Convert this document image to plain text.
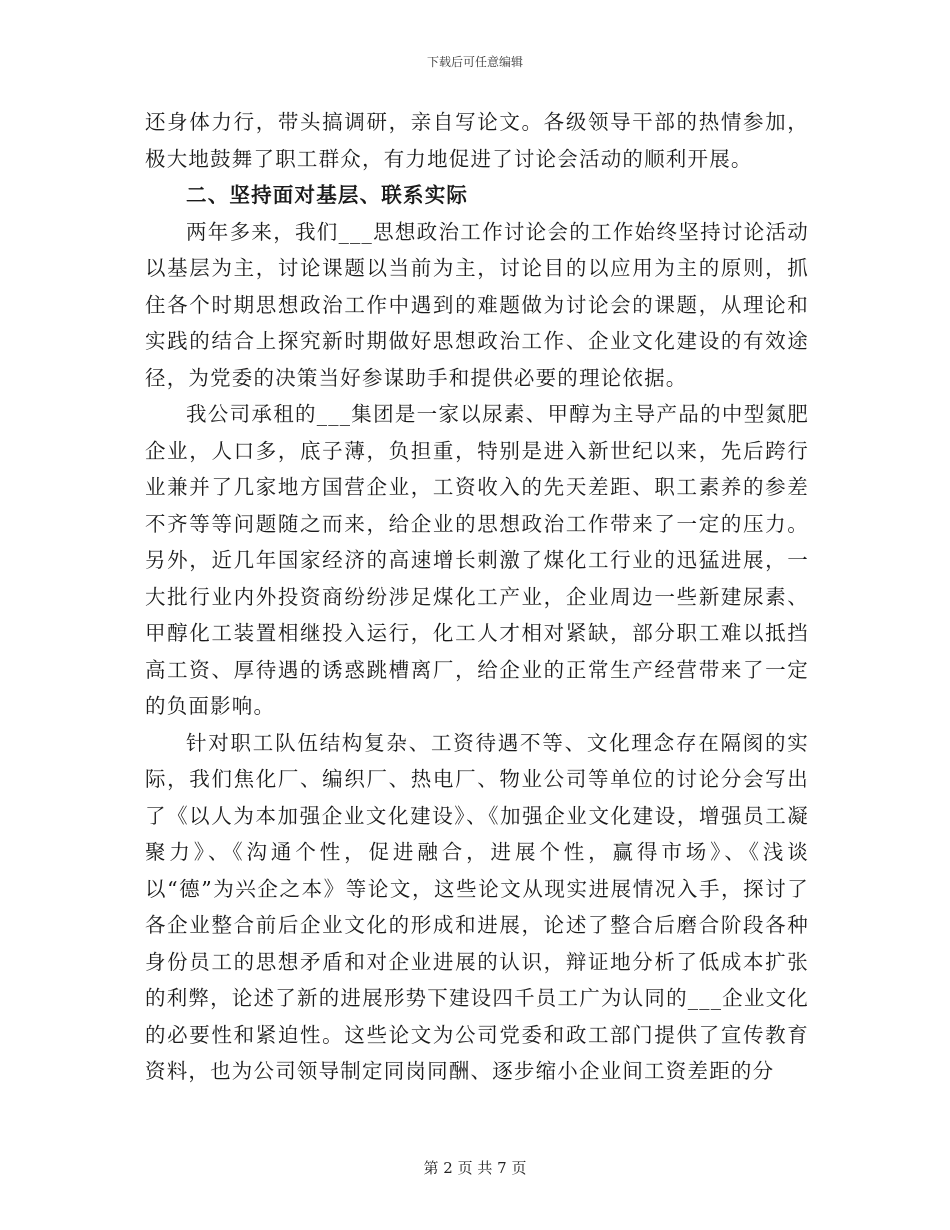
下载后可任意编辑

还身体力行，带头搞调研，亲自写论文。各级领导干部的热情参加，极大地鼓舞了职工群众，有力地促进了讨论会活动的顺利开展。

二、坚持面对基层、联系实际

两年多来，我们___思想政治工作讨论会的工作始终坚持讨论活动以基层为主，讨论课题以当前为主，讨论目的以应用为主的原则，抓住各个时期思想政治工作中遇到的难题做为讨论会的课题，从理论和实践的结合上探究新时期做好思想政治工作、企业文化建设的有效途径，为党委的决策当好参谋助手和提供必要的理论依据。

我公司承租的___集团是一家以尿素、甲醇为主导产品的中型氮肥企业，人口多，底子薄，负担重，特别是进入新世纪以来，先后跨行业兼并了几家地方国营企业，工资收入的先天差距、职工素养的参差不齐等等问题随之而来，给企业的思想政治工作带来了一定的压力。另外，近几年国家经济的高速增长刺激了煤化工行业的迅猛进展，一大批行业内外投资商纷纷涉足煤化工产业，企业周边一些新建尿素、甲醇化工装置相继投入运行，化工人才相对紧缺，部分职工难以抵挡高工资、厚待遇的诱惑跳槽离厂，给企业的正常生产经营带来了一定的负面影响。

针对职工队伍结构复杂、工资待遇不等、文化理念存在隔阂的实际，我们焦化厂、编织厂、热电厂、物业公司等单位的讨论分会写出了《以人为本加强企业文化建设》、《加强企业文化建设，增强员工凝聚力》、《沟通个性，促进融合，进展个性，赢得市场》、《浅谈以“德”为兴企之本》等论文，这些论文从现实进展情况入手，探讨了各企业整合前后企业文化的形成和进展，论述了整合后磨合阶段各种身份员工的思想矛盾和对企业进展的认识，辩证地分析了低成本扩张的利弊，论述了新的进展形势下建设四千员工广为认同的___企业文化的必要性和紧迫性。这些论文为公司党委和政工部门提供了宣传教育资料，也为公司领导制定同岗同酬、逐步缩小企业间工资差距的分

第 2 页 共 7 页
